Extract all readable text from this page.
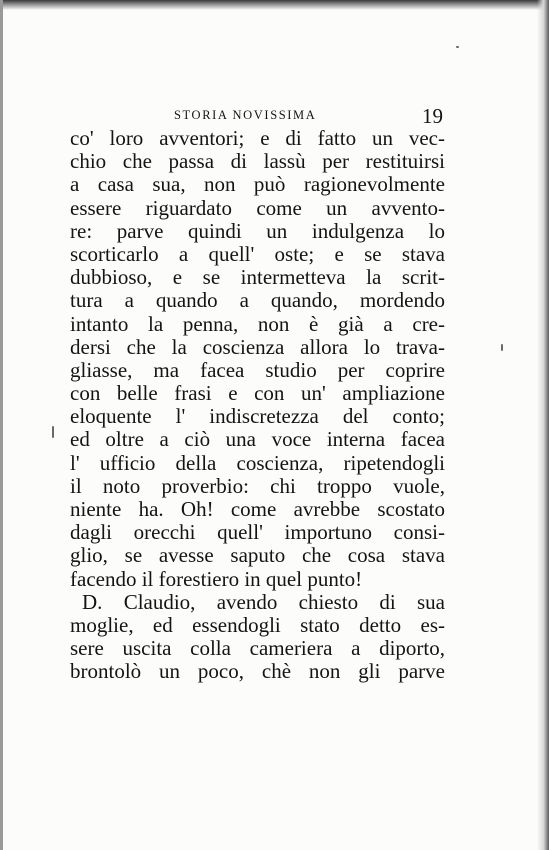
STORIA NOVISSIMA	19
co' loro avventori; e di fatto un vec-
chio che passa di lassù per restituirsi
a casa sua, non può ragionevolmente
essere riguardato come un avvento-
re: parve quindi un indulgenza lo
scorticarlo a quell' oste; e se stava
dubbioso, e se intermetteva la scrit-
tura a quando a quando, mordendo
intanto la penna, non è già a cre-
dersi che la coscienza allora lo trava-
gliasse, ma facea studio per coprire
con belle frasi e con un' ampliazione
eloquente l' indiscretezza del conto;
ed oltre a ciò una voce interna facea
l' ufficio della coscienza, ripetendogli
il noto proverbio: chi troppo vuole,
niente ha. Oh! come avrebbe scostato
dagli orecchi quell' importuno consi-
glio, se avesse saputo che cosa stava
facendo il forestiero in quel punto!
D. Claudio, avendo chiesto di sua
moglie, ed essendogli stato detto es-
sere uscita colla cameriera a diporto,
brontolò un poco, chè non gli parve
